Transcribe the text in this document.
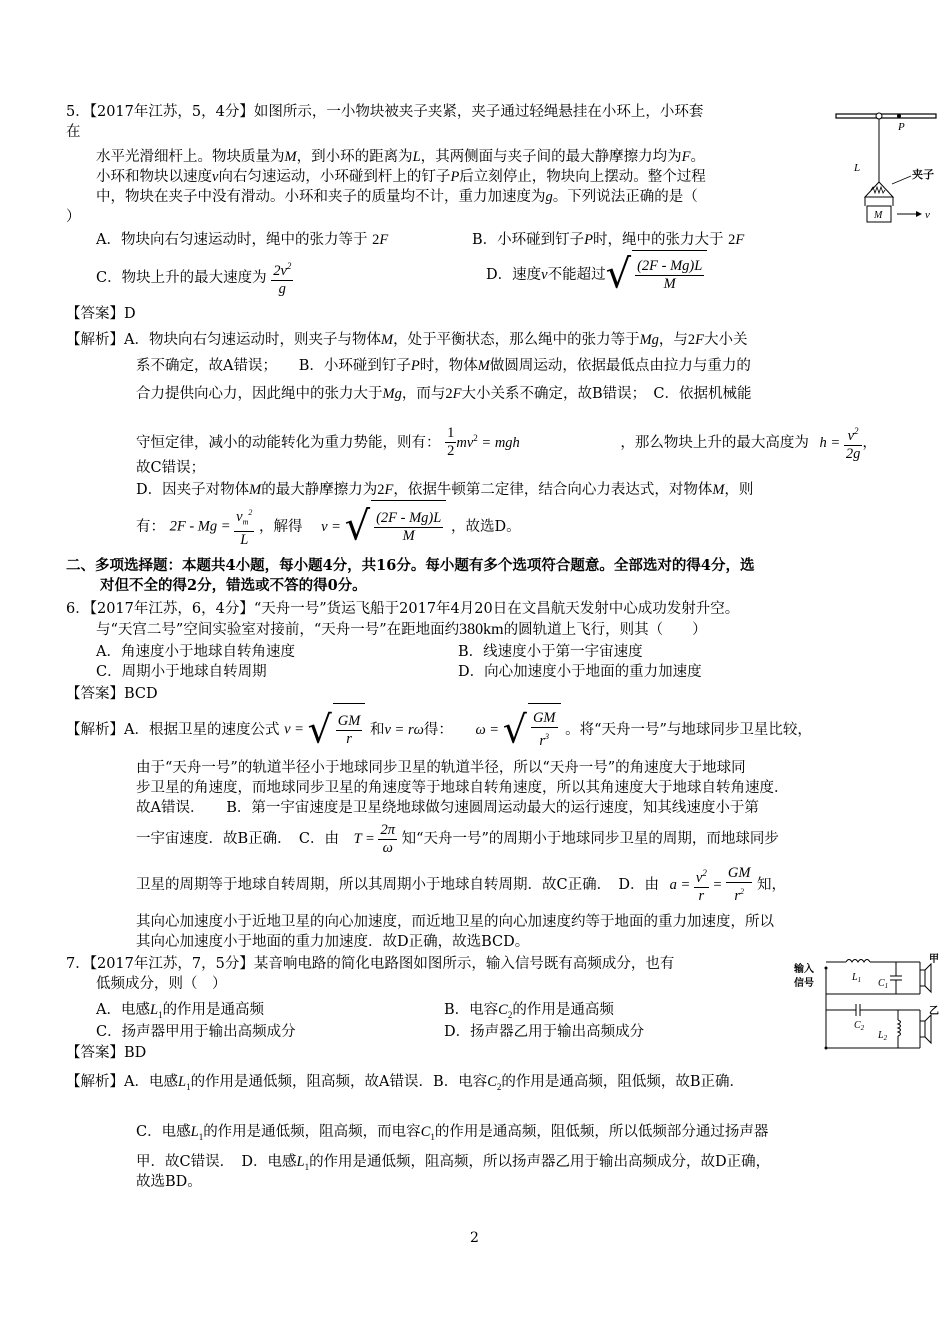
5．【2017年江苏，5，4分】如图所示，一小物块被夹子夹紧，夹子通过轻绳悬挂在小环上，小环套
在
水平光滑细杆上。物块质量为M，到小环的距离为L，其两侧面与夹子间的最大静摩擦力均为F。
小环和物块以速度v向右匀速运动，小环碰到杆上的钉子P后立刻停止，物块向上摆动。整个过程
中，物块在夹子中没有滑动。小环和夹子的质量均不计，重力加速度为g。下列说法正确的是（
）
A．物块向右匀速运动时，绳中的张力等于 2F	B．小环碰到钉子P时，绳中的张力大于 2F
C．物块上升的最大速度为 $\frac{2v^2}{g}$	D．速度v不能超过√ $\frac{(2F - Mg)L}{M}$
【答案】D
【解析】A．物块向右匀速运动时，则夹子与物体M，处于平衡状态，那么绳中的张力等于Mg，与2F大小关
系不确定，故A错误；　　B．小环碰到钉子P时，物体M做圆周运动，依据最低点由拉力与重力的
合力提供向心力，因此绳中的张力大于Mg，而与2F大小关系不确定，故B错误；　C．依据机械能
守恒定律，减小的动能转化为重力势能，则有： $\frac{1}{2} mv^2$ = mgh	，那么物块上升的最大高度为 $h = \frac{v^2}{2g}$ ，
故C错误；
D．因夹子对物体M的最大静摩擦力为2F，依据牛顿第二定律，结合向心力表达式，对物体M，则
有： $2F - Mg = \frac{v_m^2}{L}$ ，解得 v = √ $\frac{(2F - Mg)L}{M}$ ，故选D。
二、多项选择题：本题共4小题，每小题4分，共16分。每小题有多个选项符合题意。全部选对的得4分，选
对但不全的得2分，错选或不答的得0分。
6．【2017年江苏，6，4分】“天舟一号”货运飞船于2017年4月20日在文昌航天发射中心成功发射升空。
与“天宫二号”空间实验室对接前，“天舟一号”在距地面约380km的圆轨道上飞行，则其（　　）
A．角速度小于地球自转角速度	B．线速度小于第一宇宙速度
C．周期小于地球自转周期	D．向心加速度小于地面的重力加速度
【答案】BCD
【解析】A．根据卫星的速度公式 v = √ $\frac{GM}{r}$ 和v = rω得： ω = √ $\frac{GM}{r^3}$ 。将“天舟一号”与地球同步卫星比较，
由于“天舟一号”的轨道半径小于地球同步卫星的轨道半径，所以“天舟一号”的角速度大于地球同
步卫星的角速度，而地球同步卫星的角速度等于地球自转角速度，所以其角速度大于地球自转角速度．
故A错误．　　B．第一宇宙速度是卫星绕地球做匀速圆周运动最大的运行速度，知其线速度小于第
一宇宙速度．故B正确．　C．由 $T = \frac{2\pi}{\omega}$ 知“天舟一号”的周期小于地球同步卫星的周期，而地球同步
卫星的周期等于地球自转周期，所以其周期小于地球自转周期．故C正确．　D．由 $a = \frac{v^2}{r} = \frac{GM}{r^2}$ 知，
其向心加速度小于近地卫星的向心加速度，而近地卫星的向心加速度约等于地面的重力加速度，所以
其向心加速度小于地面的重力加速度．故D正确，故选BCD。
7．【2017年江苏，7，5分】某音响电路的简化电路图如图所示，输入信号既有高频成分，也有
低频成分，则（　）
A．电感$L_1$的作用是通高频	B．电容$C_2$的作用是通高频
C．扬声器甲用于输出高频成分	D．扬声器乙用于输出高频成分
【答案】BD
【解析】A．电感$L_1$的作用是通低频，阻高频，故A错误．B．电容$C_2$的作用是通高频，阻低频，故B正确．
C．电感$L_1$的作用是通低频，阻高频，而电容$C_1$的作用是通高频，阻低频，所以低频部分通过扬声器
甲．故C错误．　D．电感$L_1$的作用是通低频，阻高频，所以扬声器乙用于输出高频成分，故D正确，
故选BD。
2
P
L
M
夹子
v
输入
信号
$L_1$ $C_1$
甲
$C_2$
$L_2$
乙
